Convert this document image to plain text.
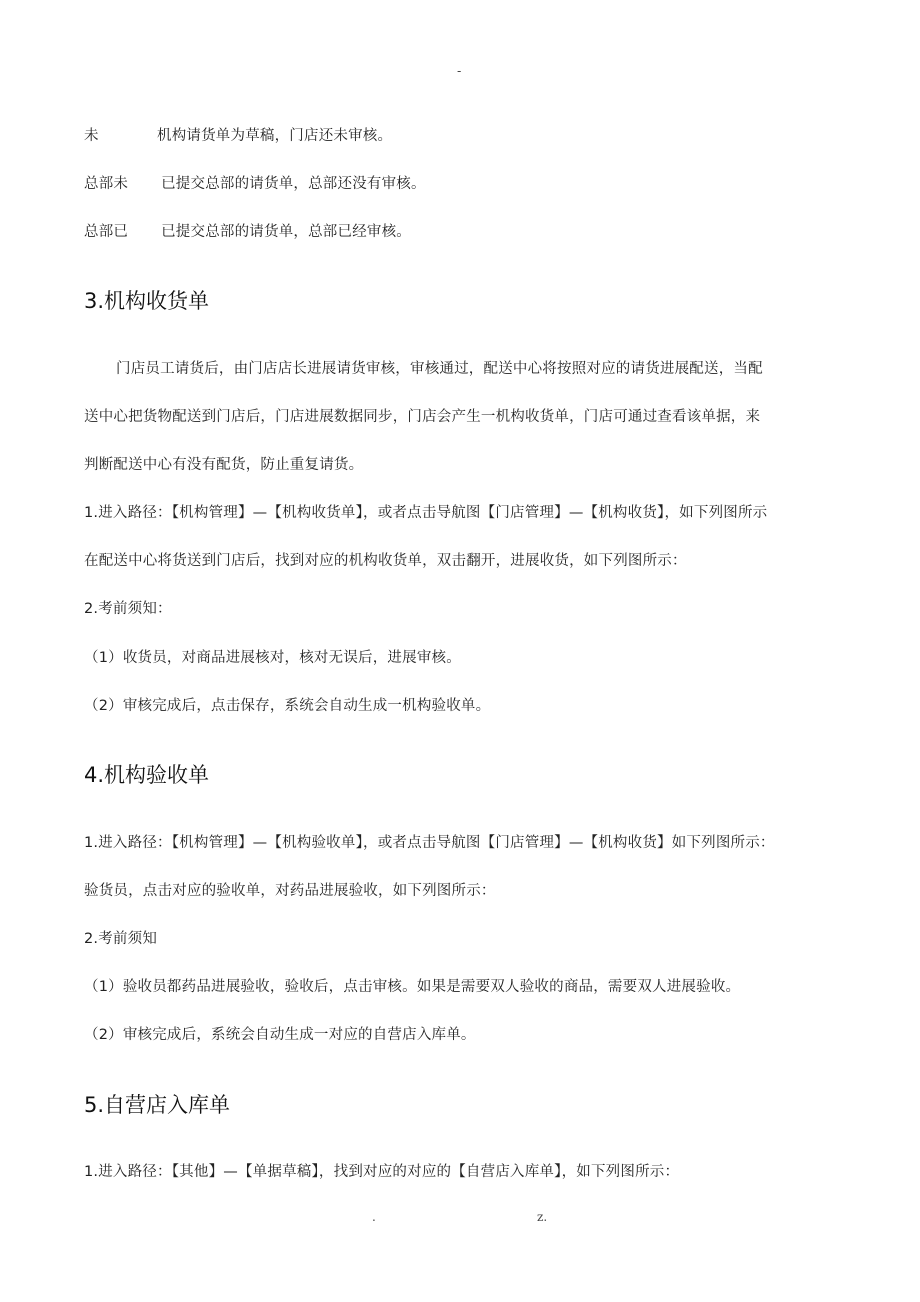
-
未	机构请货单为草稿，门店还未审核。
总部未 已提交总部的请货单，总部还没有审核。
总部已 已提交总部的请货单，总部已经审核。
3.机构收货单
门店员工请货后，由门店店长进展请货审核，审核通过，配送中心将按照对应的请货进展配送，当配
送中心把货物配送到门店后，门店进展数据同步，门店会产生一机构收货单，门店可通过查看该单据，来
判断配送中心有没有配货，防止重复请货。
1.进入路径：【机构管理】—【机构收货单】，或者点击导航图【门店管理】—【机构收货】，如下列图所示
在配送中心将货送到门店后，找到对应的机构收货单，双击翻开，进展收货，如下列图所示：
2.考前须知：
（1）收货员，对商品进展核对，核对无误后，进展审核。
（2）审核完成后，点击保存，系统会自动生成一机构验收单。
4.机构验收单
1.进入路径：【机构管理】—【机构验收单】，或者点击导航图【门店管理】—【机构收货】如下列图所示：
验货员，点击对应的验收单，对药品进展验收，如下列图所示：
2.考前须知
（1）验收员都药品进展验收，验收后，点击审核。如果是需要双人验收的商品，需要双人进展验收。
（2）审核完成后，系统会自动生成一对应的自营店入库单。
5.自营店入库单
1.进入路径：【其他】—【单据草稿】，找到对应的对应的【自营店入库单】，如下列图所示：
.	z.
